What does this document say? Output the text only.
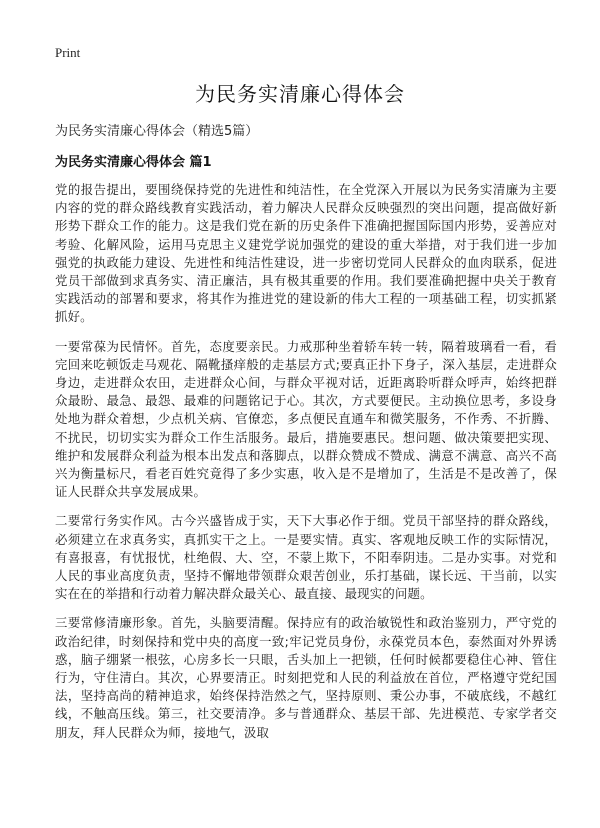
Print
为民务实清廉心得体会

为民务实清廉心得体会（精选5篇）

为民务实清廉心得体会 篇1

党的报告提出，要围绕保持党的先进性和纯洁性，在全党深入开展以为民务实清廉为主要内容的党的群众路线教育实践活动，着力解决人民群众反映强烈的突出问题，提高做好新形势下群众工作的能力。这是我们党在新的历史条件下准确把握国际国内形势，妥善应对考验、化解风险，运用马克思主义建党学说加强党的建设的重大举措，对于我们进一步加强党的执政能力建设、先进性和纯洁性建设，进一步密切党同人民群众的血肉联系，促进党员干部做到求真务实、清正廉洁，具有极其重要的作用。我们要准确把握中央关于教育实践活动的部署和要求，将其作为推进党的建设新的伟大工程的一项基础工程，切实抓紧抓好。

一要常葆为民情怀。首先，态度要亲民。力戒那种坐着轿车转一转，隔着玻璃看一看，看完回来吃顿饭走马观花、隔靴搔痒般的走基层方式;要真正扑下身子，深入基层，走进群众身边，走进群众农田，走进群众心间，与群众平视对话，近距离聆听群众呼声，始终把群众最盼、最急、最怨、最难的问题铭记于心。其次，方式要便民。主动换位思考，多设身处地为群众着想，少点机关病、官僚恋，多点便民直通车和微笑服务，不作秀、不折腾、不扰民，切切实实为群众工作生活服务。最后，措施要惠民。想问题、做决策要把实现、维护和发展群众利益为根本出发点和落脚点，以群众赞成不赞成、满意不满意、高兴不高兴为衡量标尺，看老百姓究竟得了多少实惠，收入是不是增加了，生活是不是改善了，保证人民群众共享发展成果。

二要常行务实作风。古今兴盛皆成于实，天下大事必作于细。党员干部坚持的群众路线，必须建立在求真务实，真抓实干之上。一是要实情。真实、客观地反映工作的实际情况，有喜报喜，有忧报忧，杜绝假、大、空，不蒙上欺下，不阳奉阴违。二是办实事。对党和人民的事业高度负责，坚持不懈地带领群众艰苦创业，乐打基础，谋长远、干当前，以实实在在的举措和行动着力解决群众最关心、最直接、最现实的问题。

三要常修清廉形象。首先，头脑要清醒。保持应有的政治敏锐性和政治鉴别力，严守党的政治纪律，时刻保持和党中央的高度一致;牢记党员身份，永葆党员本色，泰然面对外界诱惑，脑子绷紧一根弦，心房多长一只眼，舌头加上一把锁，任何时候都要稳住心神、管住行为，守住清白。其次，心界要清正。时刻把党和人民的利益放在首位，严格遵守党纪国法，坚持高尚的精神追求，始终保持浩然之气，坚持原则、秉公办事，不破底线，不越红线，不触高压线。第三，社交要清净。多与普通群众、基层干部、先进模范、专家学者交朋友，拜人民群众为师，接地气，汲取
